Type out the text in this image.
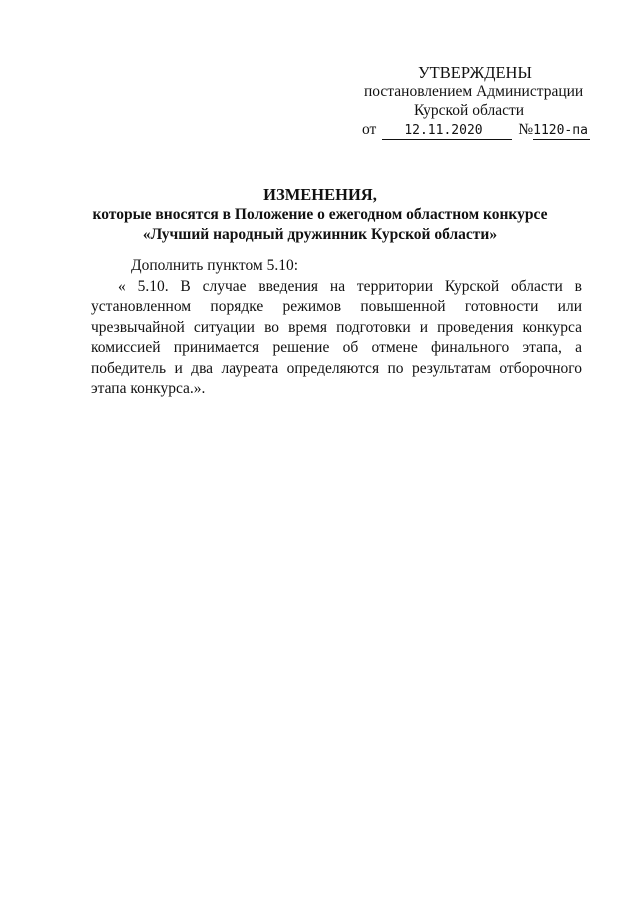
УТВЕРЖДЕНЫ
постановлением Администрации
Курской области
от 12.11.2020 №1120-па
ИЗМЕНЕНИЯ,
которые вносятся в Положение о ежегодном областном конкурсе
«Лучший народный дружинник Курской области»

Дополнить пунктом 5.10:

« 5.10. В случае введения на территории Курской области в установленном порядке режимов повышенной готовности или чрезвычайной ситуации во время подготовки и проведения конкурса комиссией принимается решение об отмене финального этапа, а победитель и два лауреата определяются по результатам отборочного этапа конкурса.».
